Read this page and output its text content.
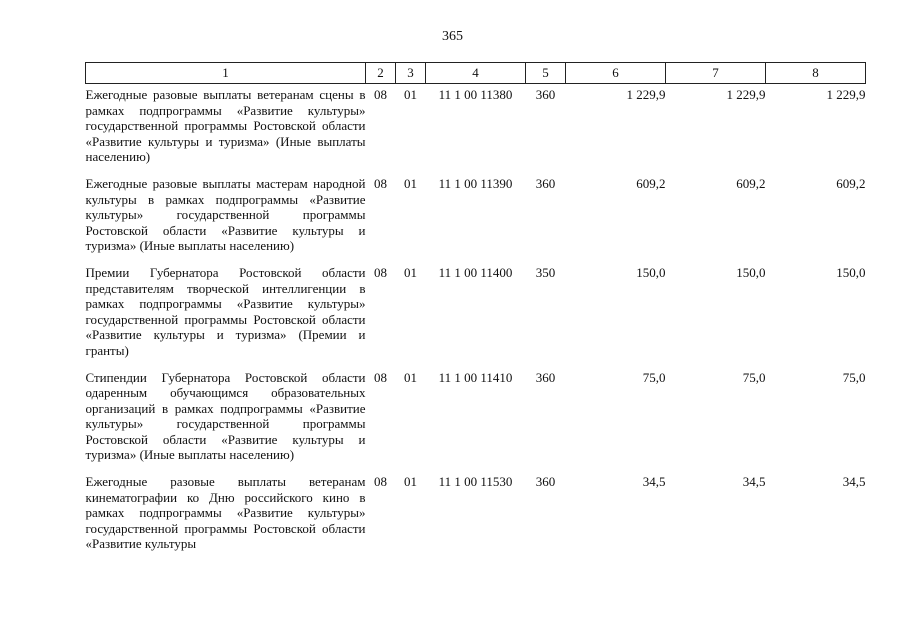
365
1	2	3	4	5	6	7	8
Ежегодные разовые выплаты ветеранам сцены в рамках подпрограммы «Развитие культуры» государственной программы Ростовской области «Развитие культуры и туризма» (Иные выплаты населению)	08	01	11 1 00 11380	360	1 229,9	1 229,9	1 229,9
Ежегодные разовые выплаты мастерам народной культуры в рамках подпрограммы «Развитие культуры» государственной программы Ростовской области «Развитие культуры и туризма» (Иные выплаты населению)	08	01	11 1 00 11390	360	609,2	609,2	609,2
Премии Губернатора Ростовской области представителям творческой интеллигенции в рамках подпрограммы «Развитие культуры» государственной программы Ростовской области «Развитие культуры и туризма» (Премии и гранты)	08	01	11 1 00 11400	350	150,0	150,0	150,0
Стипендии Губернатора Ростовской области одаренным обучающимся образовательных организаций в рамках подпрограммы «Развитие культуры» государственной программы Ростовской области «Развитие культуры и туризма» (Иные выплаты населению)	08	01	11 1 00 11410	360	75,0	75,0	75,0
Ежегодные разовые выплаты ветеранам кинематографии ко Дню российского кино в рамках подпрограммы «Развитие культуры» государственной программы Ростовской области «Развитие культуры	08	01	11 1 00 11530	360	34,5	34,5	34,5
